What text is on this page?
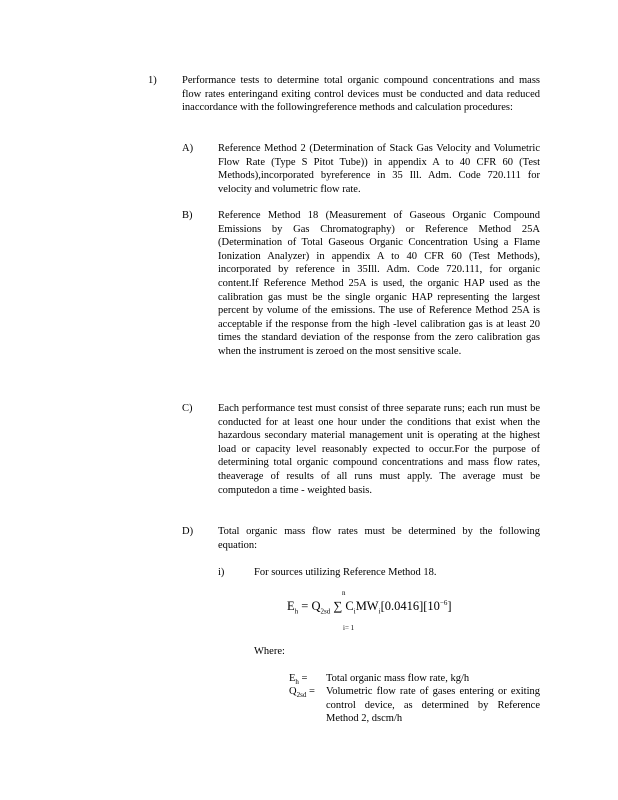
1) Performance tests to determine total organic compound concentrations and mass flow rates enteringand exiting control devices must be conducted and data reduced inaccordance with the followingreference methods and calculation procedures:
A) Reference Method 2 (Determination of Stack Gas Velocity and Volumetric Flow Rate (Type S Pitot Tube)) in appendix A to 40 CFR 60 (Test Methods),incorporated byreference in 35 Ill. Adm. Code 720.111 for velocity and volumetric flow rate.
B) Reference Method 18 (Measurement of Gaseous Organic Compound Emissions by Gas Chromatography) or Reference Method 25A (Determination of Total Gaseous Organic Concentration Using a Flame Ionization Analyzer) in appendix A to 40 CFR 60 (Test Methods), incorporated by reference in 35Ill. Adm. Code 720.111, for organic content.If Reference Method 25A is used, the organic HAP used as the calibration gas must be the single organic HAP representing the largest percent by volume of the emissions. The use of Reference Method 25A is acceptable if the response from the high -level calibration gas is at least 20 times the standard deviation of the response from the zero calibration gas when the instrument is zeroed on the most sensitive scale.
C) Each performance test must consist of three separate runs; each run must be conducted for at least one hour under the conditions that exist when the hazardous secondary material management unit is operating at the highest load or capacity level reasonably expected to occur.For the purpose of determining total organic compound concentrations and mass flow rates, theaverage of results of all runs must apply. The average must be computedon a time - weighted basis.
D) Total organic mass flow rates must be determined by the following equation:
i)	For sources utilizing Reference Method 18.
$E_h = Q_{2sd}$ ∑ $C_iMW_i[0.0416][10^{-6}]$
n
i= 1
Where:
$E_h$ = Total organic mass flow rate, kg/h
$Q_{2sd}$ = Volumetric flow rate of gases entering or exiting control device, as determined by Reference Method 2, dscm/h
